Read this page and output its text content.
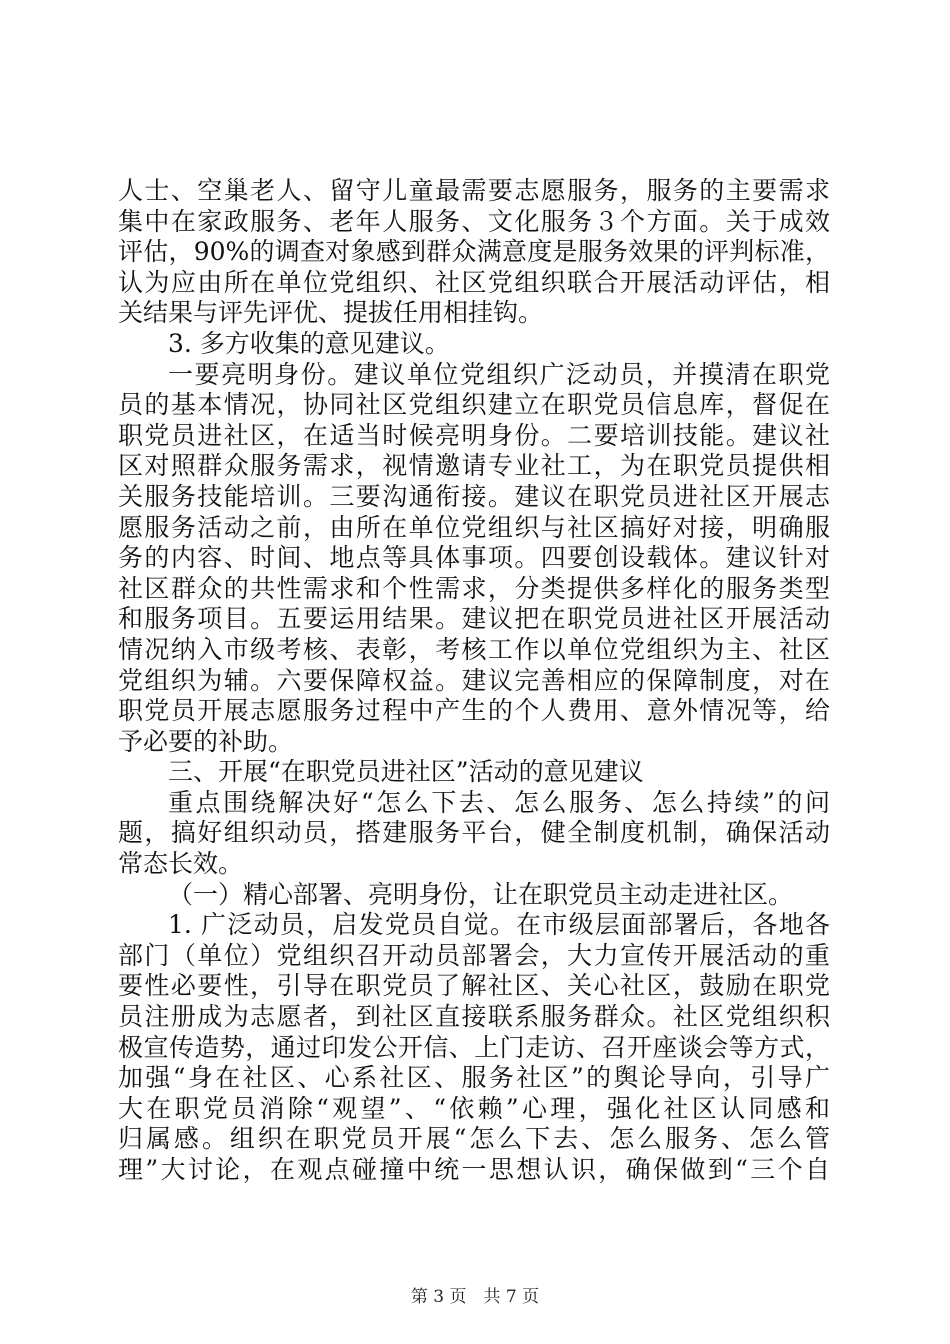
人士、空巢老人、留守儿童最需要志愿服务，服务的主要需求
集中在家政服务、老年人服务、文化服务３个方面。关于成效
评估，90%的调查对象感到群众满意度是服务效果的评判标准，
认为应由所在单位党组织、社区党组织联合开展活动评估，相
关结果与评先评优、提拔任用相挂钩。
3. 多方收集的意见建议。
一要亮明身份。建议单位党组织广泛动员，并摸清在职党
员的基本情况，协同社区党组织建立在职党员信息库，督促在
职党员进社区，在适当时候亮明身份。二要培训技能。建议社
区对照群众服务需求，视情邀请专业社工，为在职党员提供相
关服务技能培训。三要沟通衔接。建议在职党员进社区开展志
愿服务活动之前，由所在单位党组织与社区搞好对接，明确服
务的内容、时间、地点等具体事项。四要创设载体。建议针对
社区群众的共性需求和个性需求，分类提供多样化的服务类型
和服务项目。五要运用结果。建议把在职党员进社区开展活动
情况纳入市级考核、表彰，考核工作以单位党组织为主、社区
党组织为辅。六要保障权益。建议完善相应的保障制度，对在
职党员开展志愿服务过程中产生的个人费用、意外情况等，给
予必要的补助。
三、开展“在职党员进社区”活动的意见建议
重点围绕解决好“怎么下去、怎么服务、怎么持续”的问
题，搞好组织动员，搭建服务平台，健全制度机制，确保活动
常态长效。
（一）精心部署、亮明身份，让在职党员主动走进社区。
1. 广泛动员，启发党员自觉。在市级层面部署后，各地各
部门（单位）党组织召开动员部署会，大力宣传开展活动的重
要性必要性，引导在职党员了解社区、关心社区，鼓励在职党
员注册成为志愿者，到社区直接联系服务群众。社区党组织积
极宣传造势，通过印发公开信、上门走访、召开座谈会等方式，
加强“身在社区、心系社区、服务社区”的舆论导向，引导广
大在职党员消除“观望”、“依赖”心理，强化社区认同感和
归属感。组织在职党员开展“怎么下去、怎么服务、怎么管
理”大讨论，在观点碰撞中统一思想认识，确保做到“三个自
第 3 页　共 7 页
